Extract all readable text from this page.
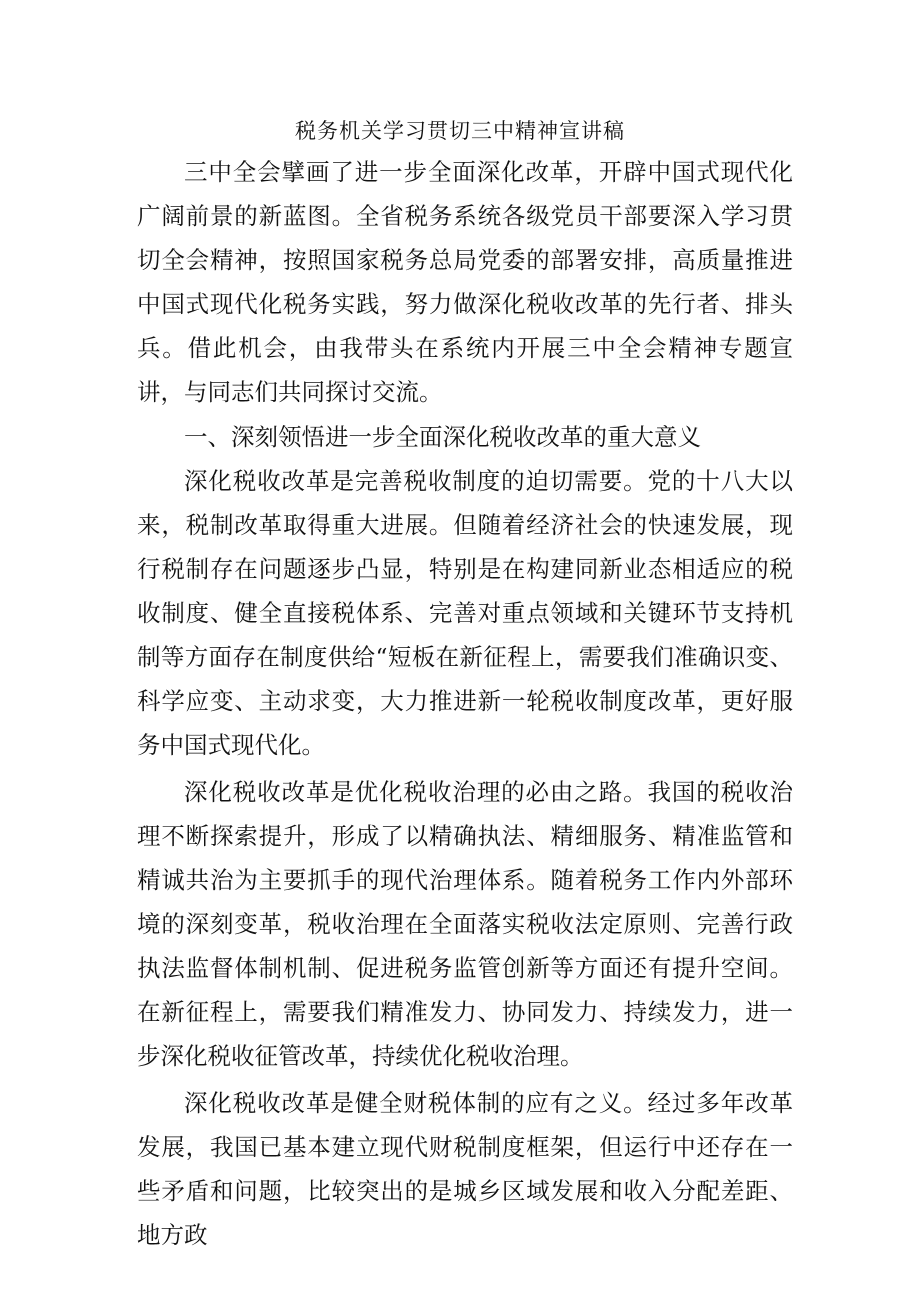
税务机关学习贯切三中精神宣讲稿

三中全会擘画了进一步全面深化改革，开辟中国式现代化广阔前景的新蓝图。全省税务系统各级党员干部要深入学习贯切全会精神，按照国家税务总局党委的部署安排，高质量推进中国式现代化税务实践，努力做深化税收改革的先行者、排头兵。借此机会，由我带头在系统内开展三中全会精神专题宣讲，与同志们共同探讨交流。

一、深刻领悟进一步全面深化税收改革的重大意义

深化税收改革是完善税收制度的迫切需要。党的十八大以来，税制改革取得重大进展。但随着经济社会的快速发展，现行税制存在问题逐步凸显，特别是在构建同新业态相适应的税收制度、健全直接税体系、完善对重点领域和关键环节支持机制等方面存在制度供给“短板在新征程上，需要我们准确识变、科学应变、主动求变，大力推进新一轮税收制度改革，更好服务中国式现代化。

深化税收改革是优化税收治理的必由之路。我国的税收治理不断探索提升，形成了以精确执法、精细服务、精准监管和精诚共治为主要抓手的现代治理体系。随着税务工作内外部环境的深刻变革，税收治理在全面落实税收法定原则、完善行政执法监督体制机制、促进税务监管创新等方面还有提升空间。在新征程上，需要我们精准发力、协同发力、持续发力，进一步深化税收征管改革，持续优化税收治理。

深化税收改革是健全财税体制的应有之义。经过多年改革发展，我国已基本建立现代财税制度框架，但运行中还存在一些矛盾和问题，比较突出的是城乡区域发展和收入分配差距、地方政
